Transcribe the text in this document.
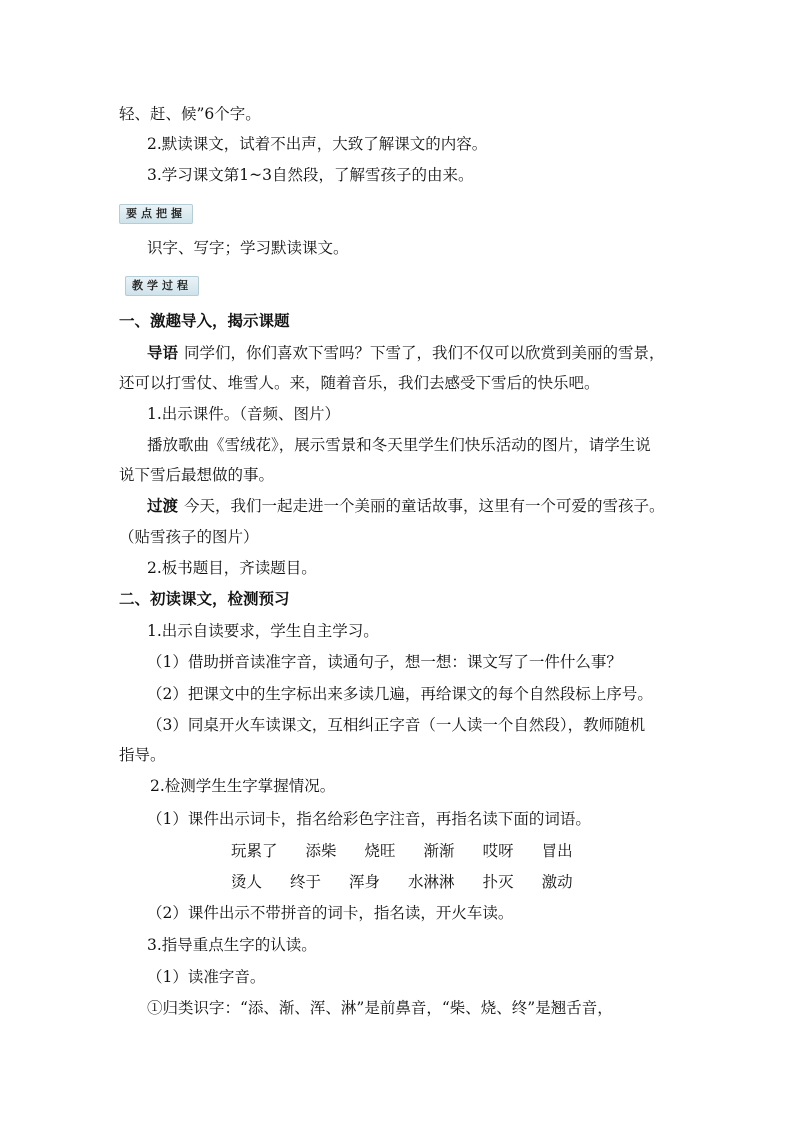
轻、赶、候”6个字。
2.默读课文，试着不出声，大致了解课文的内容。
3.学习课文第1~3自然段，了解雪孩子的由来。
要点把握
识字、写字；学习默读课文。
教学过程
一、激趣导入，揭示课题
导语 同学们，你们喜欢下雪吗？下雪了，我们不仅可以欣赏到美丽的雪景，
还可以打雪仗、堆雪人。来，随着音乐，我们去感受下雪后的快乐吧。
1.出示课件。（音频、图片）
播放歌曲《雪绒花》，展示雪景和冬天里学生们快乐活动的图片，请学生说
说下雪后最想做的事。
过渡 今天，我们一起走进一个美丽的童话故事，这里有一个可爱的雪孩子。
（贴雪孩子的图片）
2.板书题目，齐读题目。
二、初读课文，检测预习
1.出示自读要求，学生自主学习。
（1）借助拼音读准字音，读通句子，想一想：课文写了一件什么事？
（2）把课文中的生字标出来多读几遍，再给课文的每个自然段标上序号。
（3）同桌开火车读课文，互相纠正字音（一人读一个自然段），教师随机
指导。
2.检测学生生字掌握情况。
（1）课件出示词卡，指名给彩色字注音，再指名读下面的词语。
玩累了 添柴 烧旺 渐渐 哎呀 冒出
烫人 终于 浑身 水淋淋 扑灭 激动
（2）课件出示不带拼音的词卡，指名读，开火车读。
3.指导重点生字的认读。
（1）读准字音。
①归类识字：“添、渐、浑、淋”是前鼻音，“柴、烧、终”是翘舌音，
